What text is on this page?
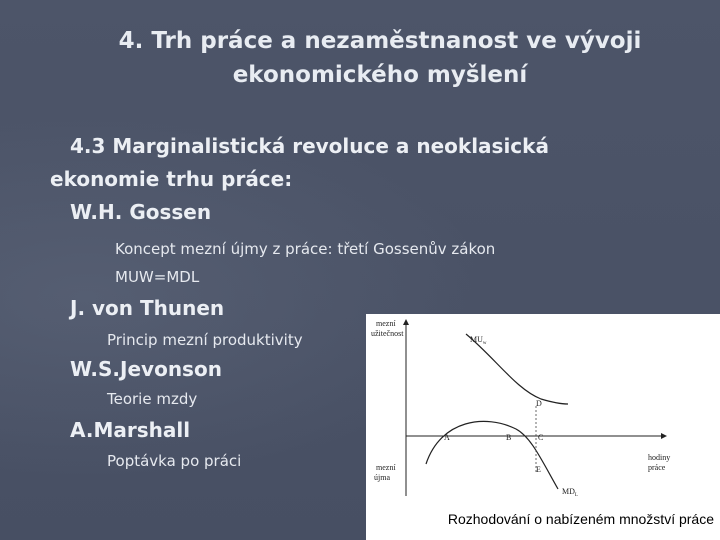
4. Trh práce a nezaměstnanost ve vývoji
ekonomického myšlení
4.3 Marginalistická revoluce a neoklasická
ekonomie trhu práce:
W.H. Gossen
Koncept mezní újmy z práce: třetí Gossenův zákon
MUW=MDL
J. von Thunen
Princip mezní produktivity
W.S.Jevonson
Teorie mzdy
A.Marshall
Poptávka po práci
mezní
užitečnost
mezní
újma
hodiny
práce
$MU_w$
$MD_L$
A	B	C
D
E
Rozhodování o nabízeném množství práce
